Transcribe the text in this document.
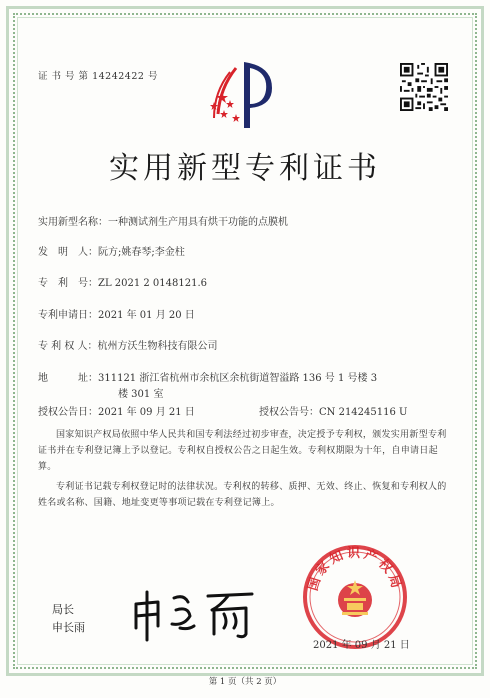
证 书 号 第 14242422 号
实用新型专利证书
实用新型名称：一种测试剂生产用具有烘干功能的点膜机
发　明　人：阮方;姚春琴;李金柱
专　利　号：ZL 2021 2 0148121.6
专利申请日：2021 年 01 月 20 日
专 利 权 人：杭州方沃生物科技有限公司
地　　　址：311121 浙江省杭州市余杭区余杭街道智溢路 136 号 1 号楼 3
楼 301 室
授权公告日：2021 年 09 月 21 日	授权公告号：CN 214245116 U

国家知识产权局依照中华人民共和国专利法经过初步审查，决定授予专利权，颁发实用新型专利证书并在专利登记簿上予以登记。专利权自授权公告之日起生效。专利权期限为十年，自申请日起算。

专利证书记载专利权登记时的法律状况。专利权的转移、质押、无效、终止、恢复和专利权人的姓名或名称、国籍、地址变更等事项记载在专利登记簿上。

局长
申长雨
国家知识产权局
2021 年 09 月 21 日
第 1 页（共 2 页）
